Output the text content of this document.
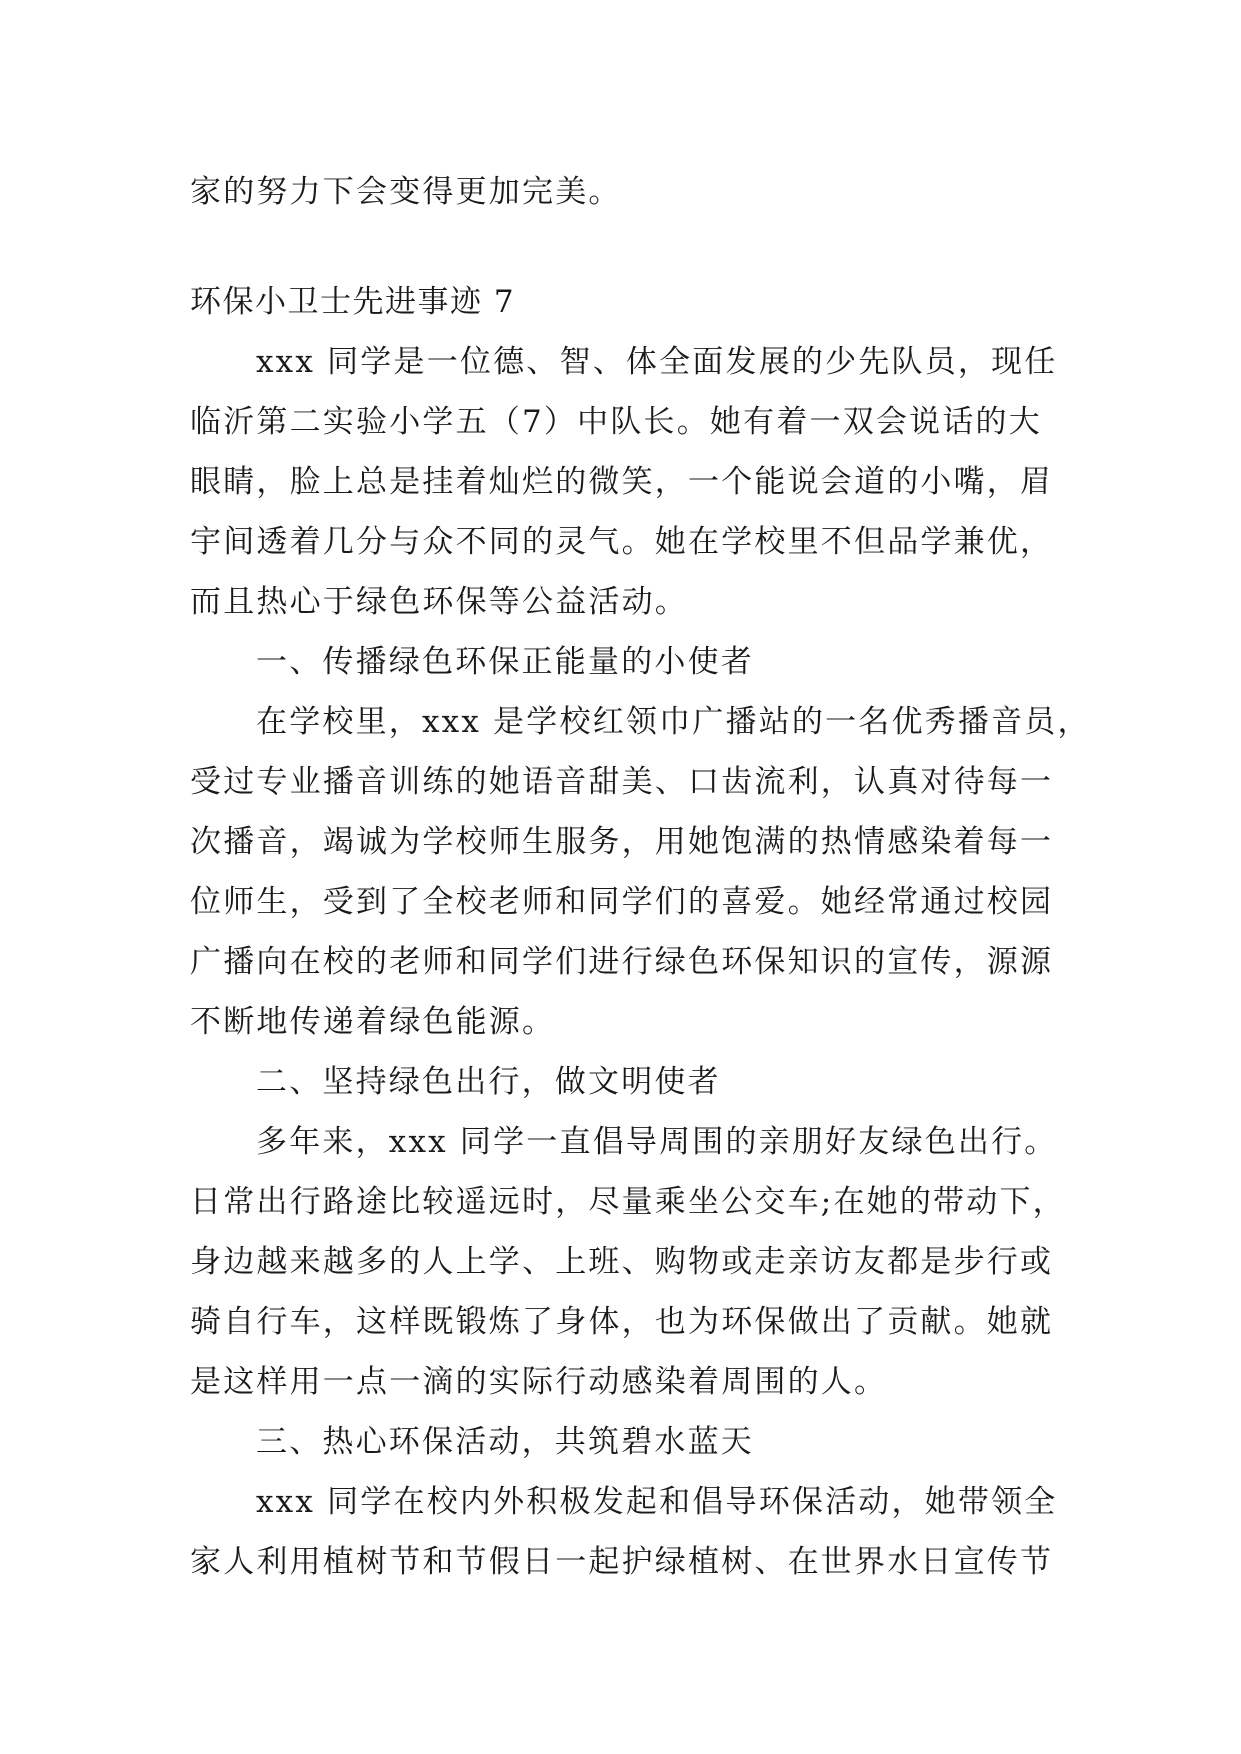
家的努力下会变得更加完美。
环保小卫士先进事迹 7
xxx 同学是一位德、智、体全面发展的少先队员，现任
临沂第二实验小学五（7）中队长。她有着一双会说话的大
眼睛，脸上总是挂着灿烂的微笑，一个能说会道的小嘴，眉
宇间透着几分与众不同的灵气。她在学校里不但品学兼优，
而且热心于绿色环保等公益活动。
一、传播绿色环保正能量的小使者
在学校里，xxx 是学校红领巾广播站的一名优秀播音员，
受过专业播音训练的她语音甜美、口齿流利，认真对待每一
次播音，竭诚为学校师生服务，用她饱满的热情感染着每一
位师生，受到了全校老师和同学们的喜爱。她经常通过校园
广播向在校的老师和同学们进行绿色环保知识的宣传，源源
不断地传递着绿色能源。
二、坚持绿色出行，做文明使者
多年来，xxx 同学一直倡导周围的亲朋好友绿色出行。
日常出行路途比较遥远时，尽量乘坐公交车;在她的带动下，
身边越来越多的人上学、上班、购物或走亲访友都是步行或
骑自行车，这样既锻炼了身体，也为环保做出了贡献。她就
是这样用一点一滴的实际行动感染着周围的人。
三、热心环保活动，共筑碧水蓝天
xxx 同学在校内外积极发起和倡导环保活动，她带领全
家人利用植树节和节假日一起护绿植树、在世界水日宣传节
